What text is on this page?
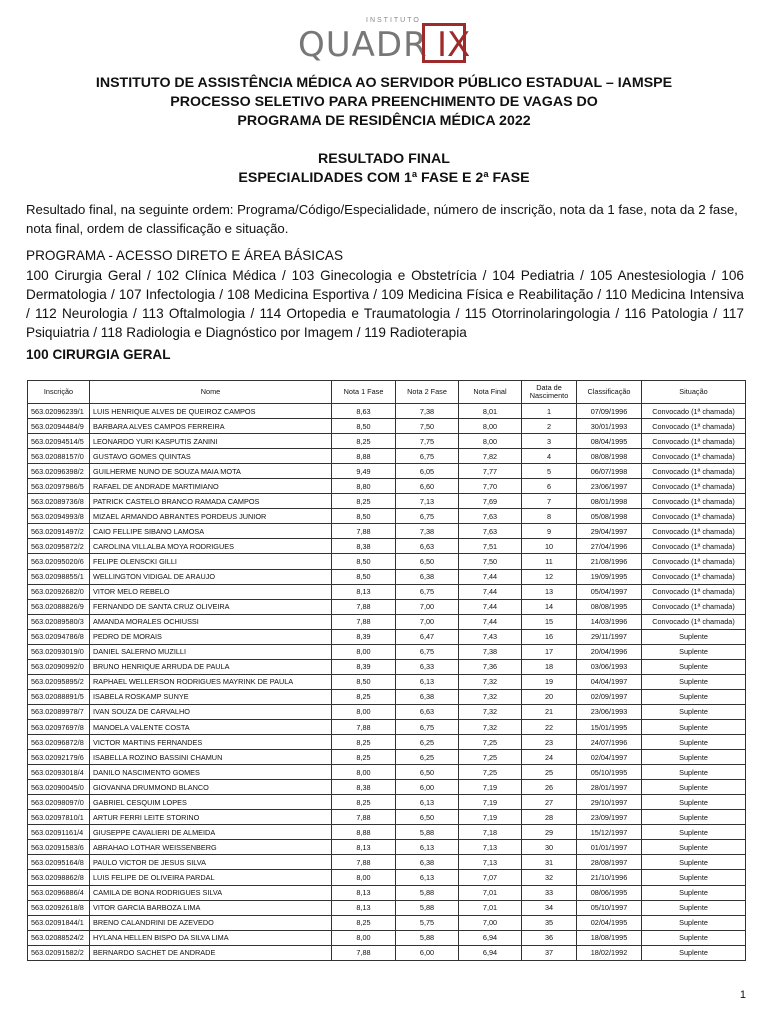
INSTITUTO
QUADR IX
INSTITUTO DE ASSISTÊNCIA MÉDICA AO SERVIDOR PÚBLICO ESTADUAL – IAMSPE
PROCESSO SELETIVO PARA PREENCHIMENTO DE VAGAS DO
PROGRAMA DE RESIDÊNCIA MÉDICA 2022
RESULTADO FINAL
ESPECIALIDADES COM 1ª FASE E 2ª FASE
Resultado final, na seguinte ordem: Programa/Código/Especialidade, número de inscrição, nota da 1 fase, nota da 2 fase, nota final, ordem de classificação e situação.
PROGRAMA - ACESSO DIRETO E ÁREA BÁSICAS
100 Cirurgia Geral / 102 Clínica Médica / 103 Ginecologia e Obstetrícia / 104 Pediatria / 105 Anestesiologia / 106 Dermatologia / 107 Infectologia / 108 Medicina Esportiva / 109 Medicina Física e Reabilitação / 110 Medicina Intensiva / 112 Neurologia / 113 Oftalmologia / 114 Ortopedia e Traumatologia / 115 Otorrinolaringologia / 116 Patologia / 117 Psiquiatria / 118 Radiologia e Diagnóstico por Imagem / 119 Radioterapia
100 CIRURGIA GERAL
Inscrição	Nome	Nota 1 Fase	Nota 2 Fase	Nota Final	Data de Nascimento	Classificação	Situação
563.02096239/1	LUIS HENRIQUE ALVES DE QUEIROZ CAMPOS	8,63	7,38	8,01	1	07/09/1996	Convocado (1ª chamada)
563.02094484/9	BARBARA ALVES CAMPOS FERREIRA	8,50	7,50	8,00	2	30/01/1993	Convocado (1ª chamada)
563.02094514/5	LEONARDO YURI KASPUTIS ZANINI	8,25	7,75	8,00	3	08/04/1995	Convocado (1ª chamada)
563.02088157/0	GUSTAVO GOMES QUINTAS	8,88	6,75	7,82	4	08/08/1998	Convocado (1ª chamada)
563.02096398/2	GUILHERME NUNO DE SOUZA MAIA MOTA	9,49	6,05	7,77	5	06/07/1998	Convocado (1ª chamada)
563.02097986/5	RAFAEL DE ANDRADE MARTIMIANO	8,80	6,60	7,70	6	23/06/1997	Convocado (1ª chamada)
563.02089736/8	PATRICK CASTELO BRANCO RAMADA CAMPOS	8,25	7,13	7,69	7	08/01/1998	Convocado (1ª chamada)
563.02094993/8	MIZAEL ARMANDO ABRANTES PORDEUS JUNIOR	8,50	6,75	7,63	8	05/08/1998	Convocado (1ª chamada)
563.02091497/2	CAIO FELLIPE SIBANO LAMOSA	7,88	7,38	7,63	9	29/04/1997	Convocado (1ª chamada)
563.02095872/2	CAROLINA VILLALBA MOYA RODRIGUES	8,38	6,63	7,51	10	27/04/1996	Convocado (1ª chamada)
563.02095020/6	FELIPE OLENSCKI GILLI	8,50	6,50	7,50	11	21/08/1996	Convocado (1ª chamada)
563.02098855/1	WELLINGTON VIDIGAL DE ARAUJO	8,50	6,38	7,44	12	19/09/1995	Convocado (1ª chamada)
563.02092682/0	VITOR MELO REBELO	8,13	6,75	7,44	13	05/04/1997	Convocado (1ª chamada)
563.02088826/9	FERNANDO DE SANTA CRUZ OLIVEIRA	7,88	7,00	7,44	14	08/08/1995	Convocado (1ª chamada)
563.02089580/3	AMANDA MORALES OCHIUSSI	7,88	7,00	7,44	15	14/03/1996	Convocado (1ª chamada)
563.02094786/8	PEDRO DE MORAIS	8,39	6,47	7,43	16	29/11/1997	Suplente
563.02093019/0	DANIEL SALERNO MUZILLI	8,00	6,75	7,38	17	20/04/1996	Suplente
563.02090992/0	BRUNO HENRIQUE ARRUDA DE PAULA	8,39	6,33	7,36	18	03/06/1993	Suplente
563.02095895/2	RAPHAEL WELLERSON RODRIGUES MAYRINK DE PAULA	8,50	6,13	7,32	19	04/04/1997	Suplente
563.02088891/5	ISABELA ROSKAMP SUNYE	8,25	6,38	7,32	20	02/09/1997	Suplente
563.02089978/7	IVAN SOUZA DE CARVALHO	8,00	6,63	7,32	21	23/06/1993	Suplente
563.02097697/8	MANOELA VALENTE COSTA	7,88	6,75	7,32	22	15/01/1995	Suplente
563.02096872/8	VICTOR MARTINS FERNANDES	8,25	6,25	7,25	23	24/07/1996	Suplente
563.02092179/6	ISABELLA ROZINO BASSINI CHAMUN	8,25	6,25	7,25	24	02/04/1997	Suplente
563.02093018/4	DANILO NASCIMENTO GOMES	8,00	6,50	7,25	25	05/10/1995	Suplente
563.02090045/0	GIOVANNA DRUMMOND BLANCO	8,38	6,00	7,19	26	28/01/1997	Suplente
563.02098097/0	GABRIEL CESQUIM LOPES	8,25	6,13	7,19	27	29/10/1997	Suplente
563.02097810/1	ARTUR FERRI LEITE STORINO	7,88	6,50	7,19	28	23/09/1997	Suplente
563.02091161/4	GIUSEPPE CAVALIERI DE ALMEIDA	8,88	5,88	7,18	29	15/12/1997	Suplente
563.02091583/6	ABRAHAO LOTHAR WEISSENBERG	8,13	6,13	7,13	30	01/01/1997	Suplente
563.02095164/8	PAULO VICTOR DE JESUS SILVA	7,88	6,38	7,13	31	28/08/1997	Suplente
563.02098862/8	LUIS FELIPE DE OLIVEIRA PARDAL	8,00	6,13	7,07	32	21/10/1996	Suplente
563.02096886/4	CAMILA DE BONA RODRIGUES SILVA	8,13	5,88	7,01	33	08/06/1995	Suplente
563.02092618/8	VITOR GARCIA BARBOZA LIMA	8,13	5,88	7,01	34	05/10/1997	Suplente
563.02091844/1	BRENO CALANDRINI DE AZEVEDO	8,25	5,75	7,00	35	02/04/1995	Suplente
563.02088524/2	HYLANA HELLEN BISPO DA SILVA LIMA	8,00	5,88	6,94	36	18/08/1995	Suplente
563.02091582/2	BERNARDO SACHET DE ANDRADE	7,88	6,00	6,94	37	18/02/1992	Suplente
1
